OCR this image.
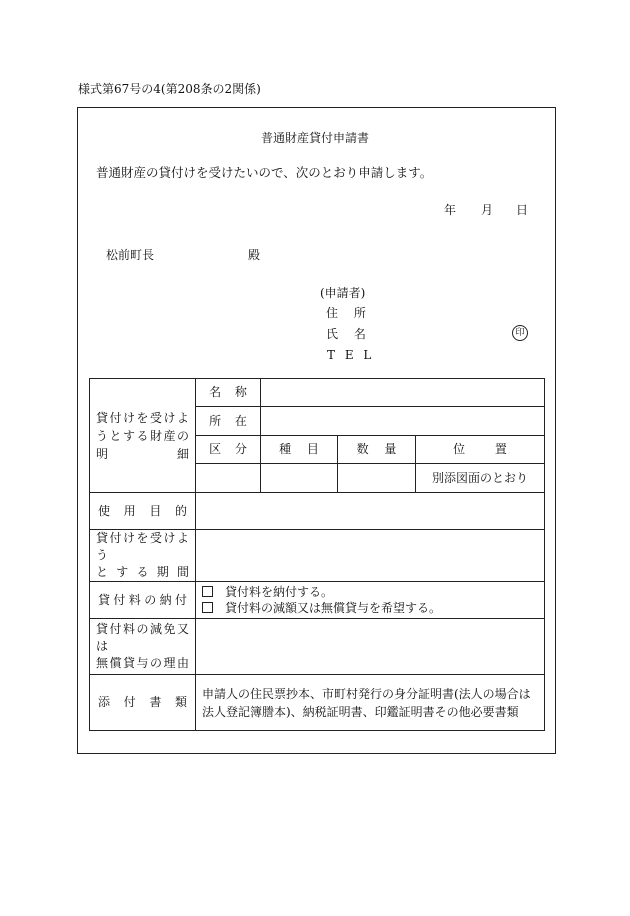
様式第67号の4(第208条の2関係)
普通財産貸付申請書
普通財産の貸付けを受けたいので、次のとおり申請します。
年 月 日
松前町長	殿
(申請者)
住 所
氏 名
T E L
印
貸付けを受けようとする財産の明細	名 称			
	所 在			
	区 分	種 目	数 量	位 置
				別添図面のとおり

使用目的				

貸付けを受けよ う
とする期間				

貸付料の納付	貸付料を納付する。
貸付料の減額又は無償貸与を希望する。			

貸付料の減免又は
無償貸与の理由				

添付書類	申請人の住民票抄本、市町村発行の身分証明書(法人の場合は法人登記簿謄本)、納税証明書、印鑑証明書その他必要書類			
